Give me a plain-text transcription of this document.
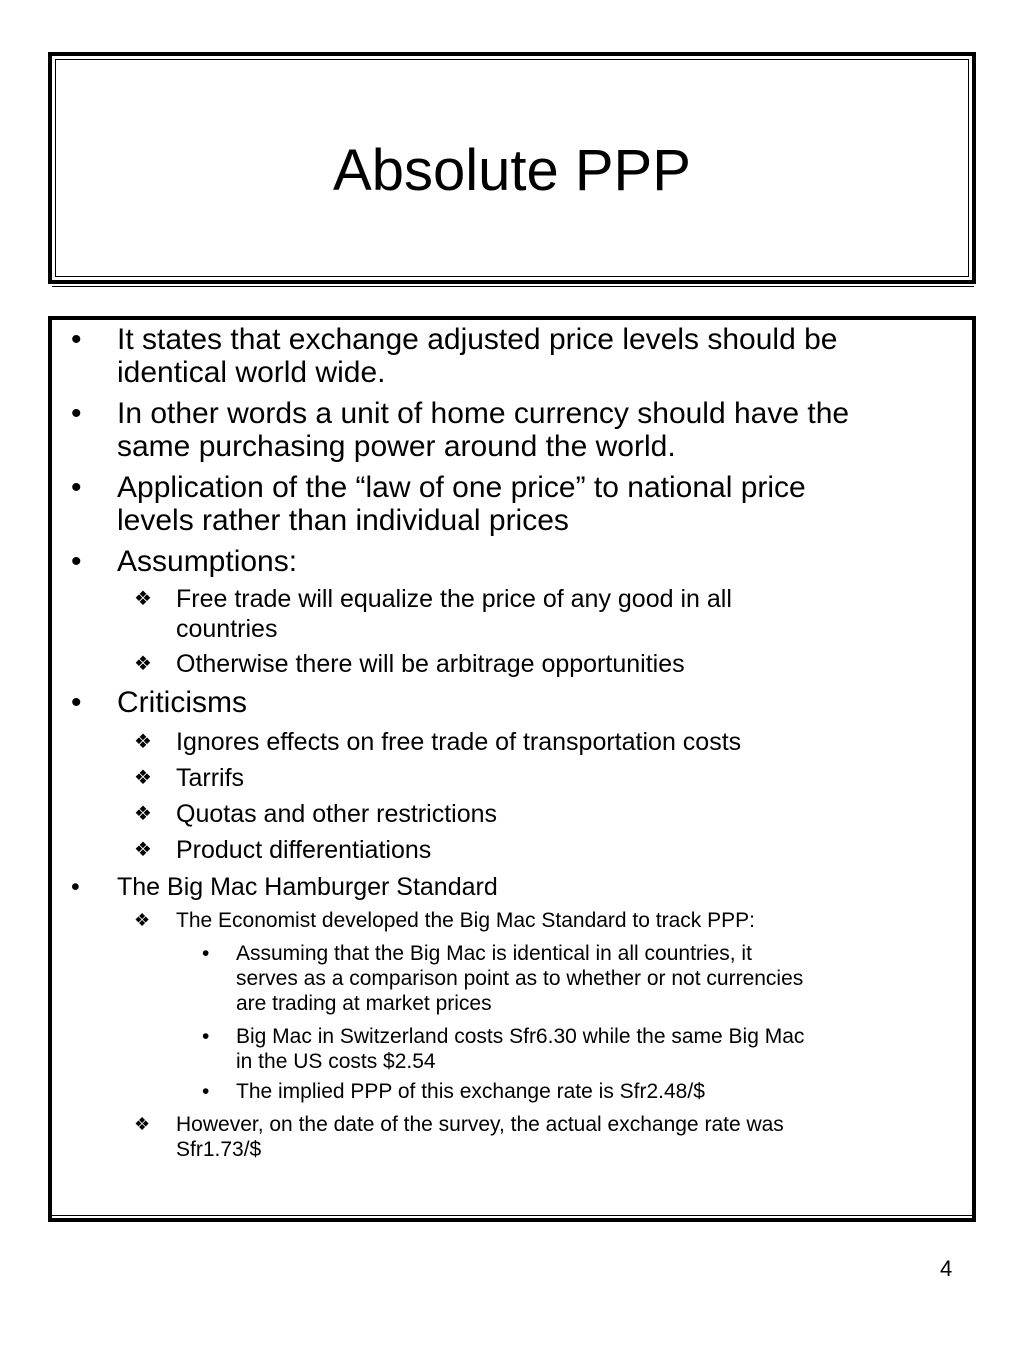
Absolute PPP
• It states that exchange adjusted price levels should be
identical world wide.
• In other words a unit of home currency should have the
same purchasing power around the world.
• Application of the “law of one price” to national price
levels rather than individual prices
• Assumptions:
❖ Free trade will equalize the price of any good in all
countries
❖ Otherwise there will be arbitrage opportunities
• Criticisms
❖ Ignores effects on free trade of transportation costs
❖ Tarrifs
❖ Quotas and other restrictions
❖ Product differentiations
• The Big Mac Hamburger Standard
❖ The Economist developed the Big Mac Standard to track PPP:
• Assuming that the Big Mac is identical in all countries, it
serves as a comparison point as to whether or not currencies
are trading at market prices
• Big Mac in Switzerland costs Sfr6.30 while the same Big Mac
in the US costs $2.54
• The implied PPP of this exchange rate is Sfr2.48/$
❖ However, on the date of the survey, the actual exchange rate was
Sfr1.73/$
4
